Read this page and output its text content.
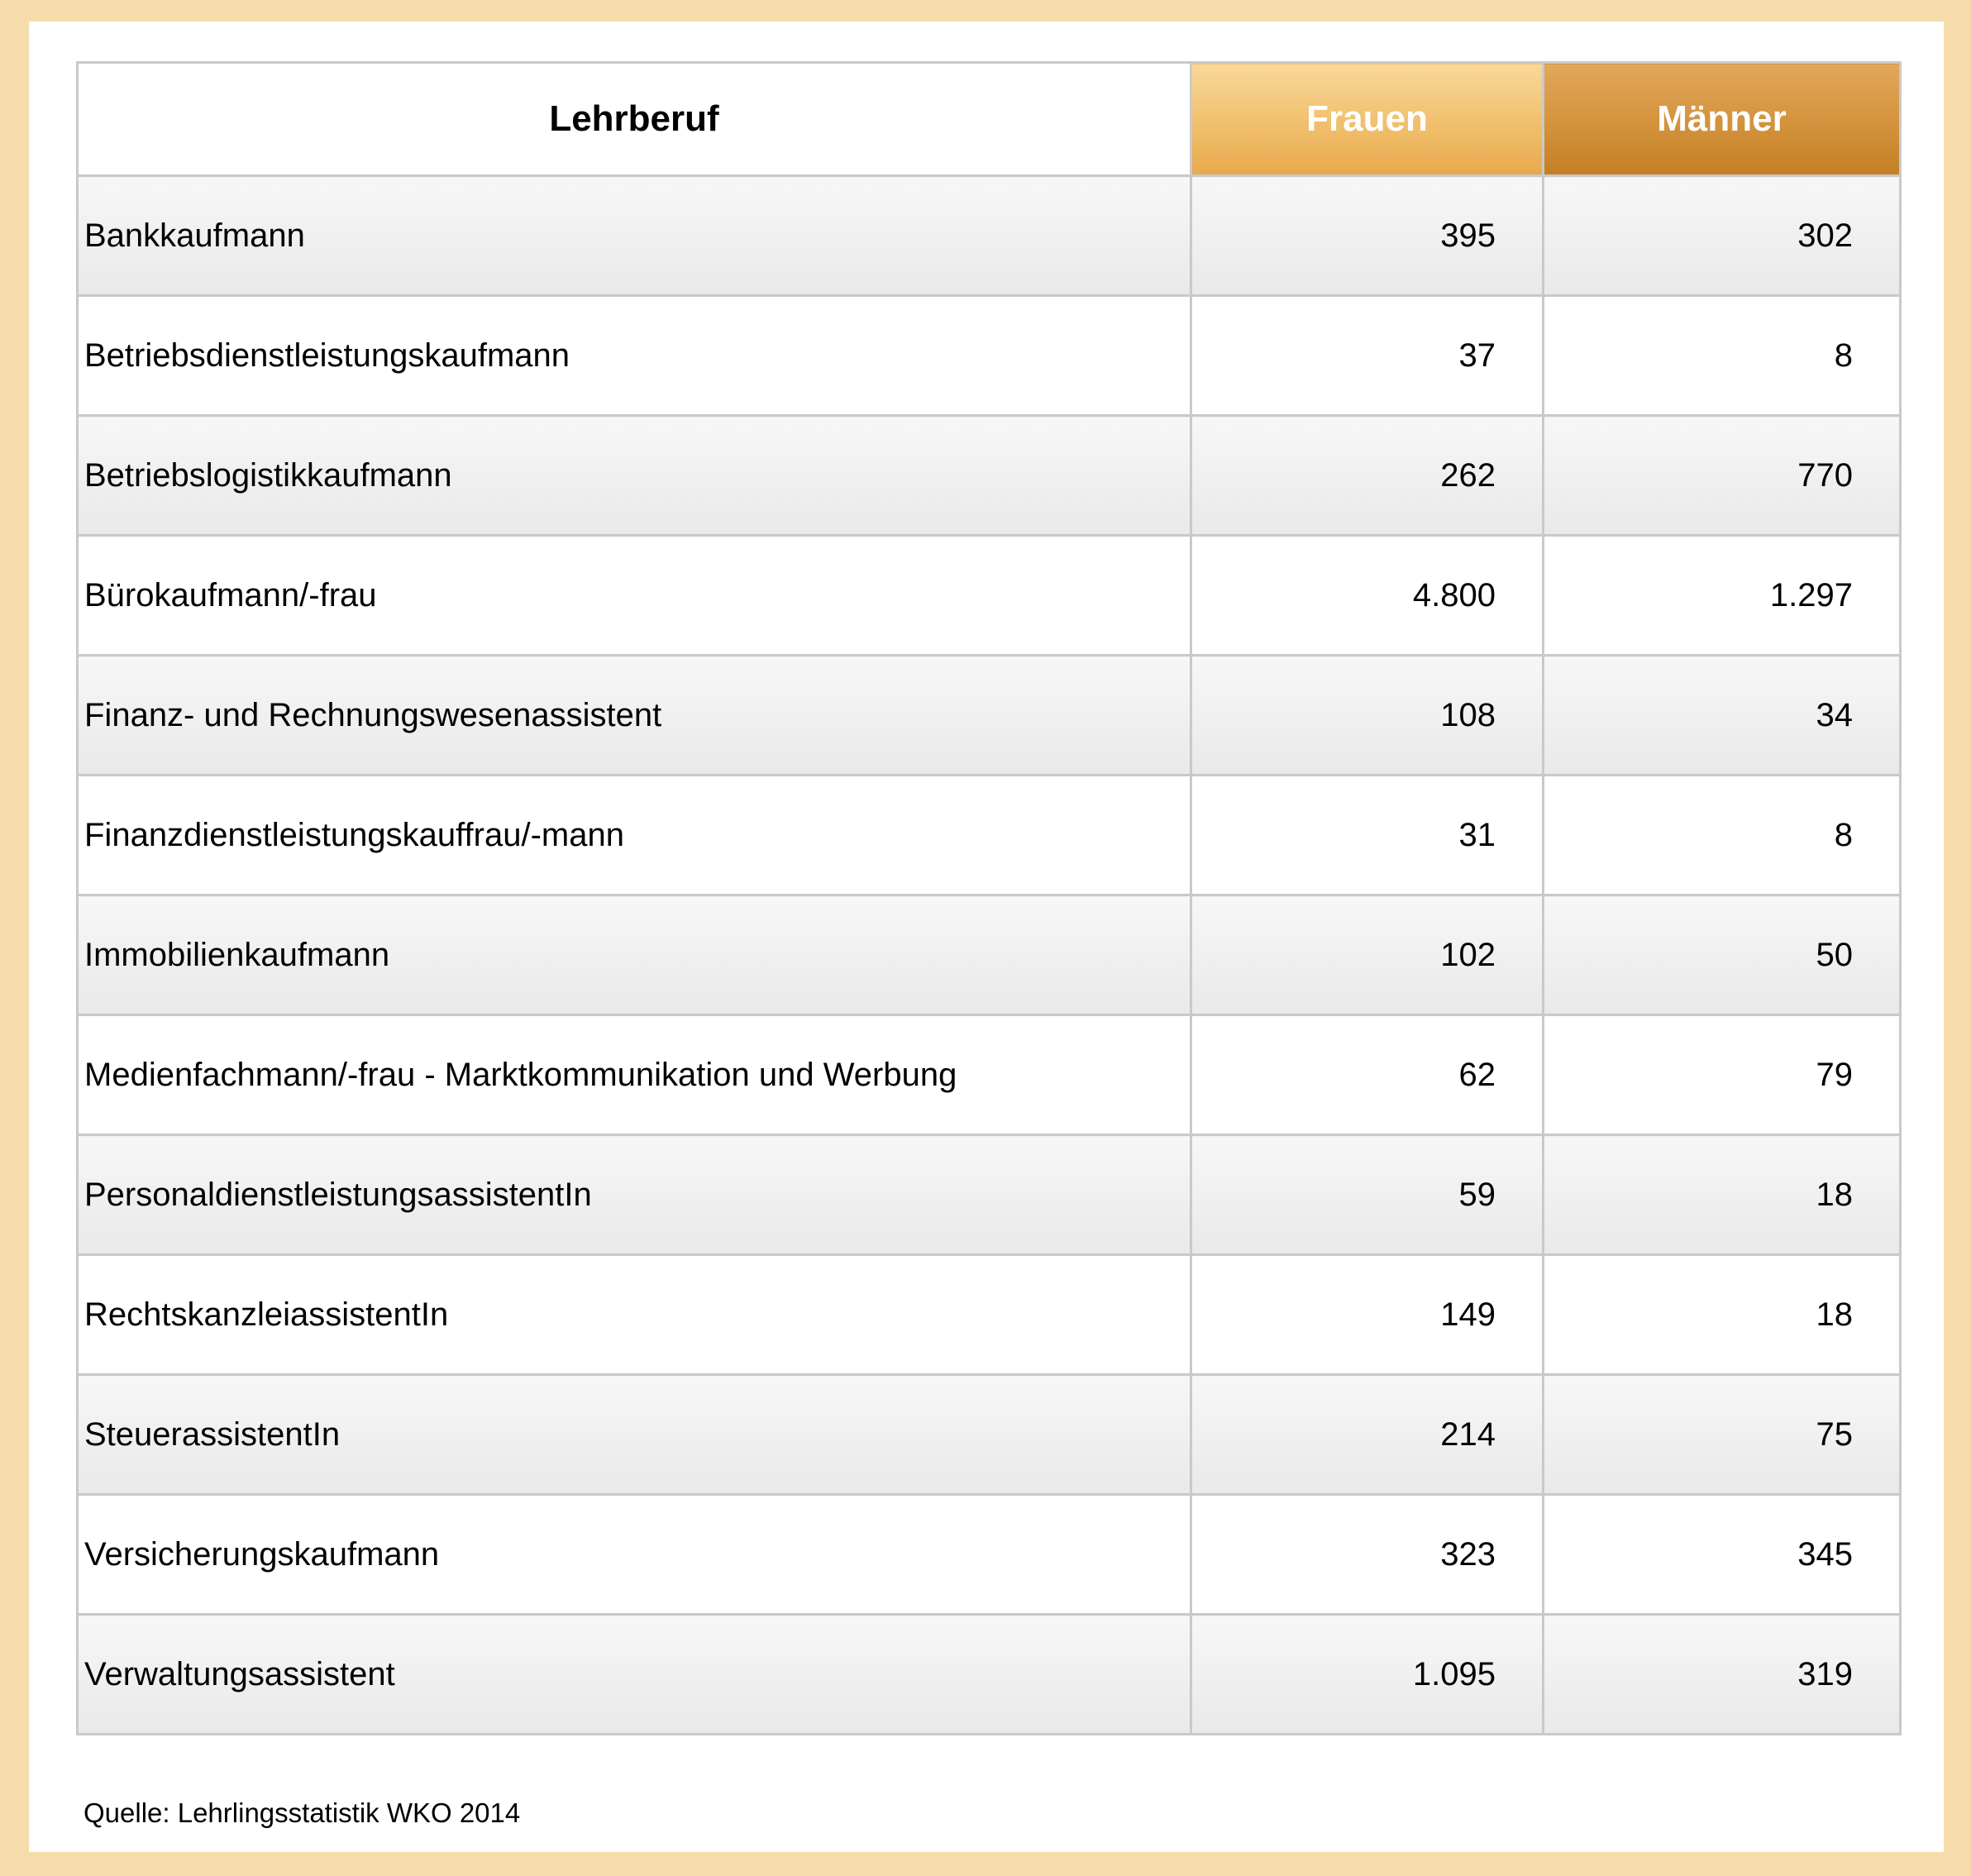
Lehrberuf	Frauen	Männer
Bankkaufmann	395	302
Betriebsdienstleistungskaufmann	37	8
Betriebslogistikkaufmann	262	770
Bürokaufmann/-frau	4.800	1.297
Finanz- und Rechnungswesenassistent	108	34
Finanzdienstleistungskauffrau/-mann	31	8
Immobilienkaufmann	102	50
Medienfachmann/-frau - Marktkommunikation und Werbung	62	79
PersonaldienstleistungsassistentIn	59	18
RechtskanzleiassistentIn	149	18
SteuerassistentIn	214	75
Versicherungskaufmann	323	345
Verwaltungsassistent	1.095	319
Quelle: Lehrlingsstatistik WKO 2014
